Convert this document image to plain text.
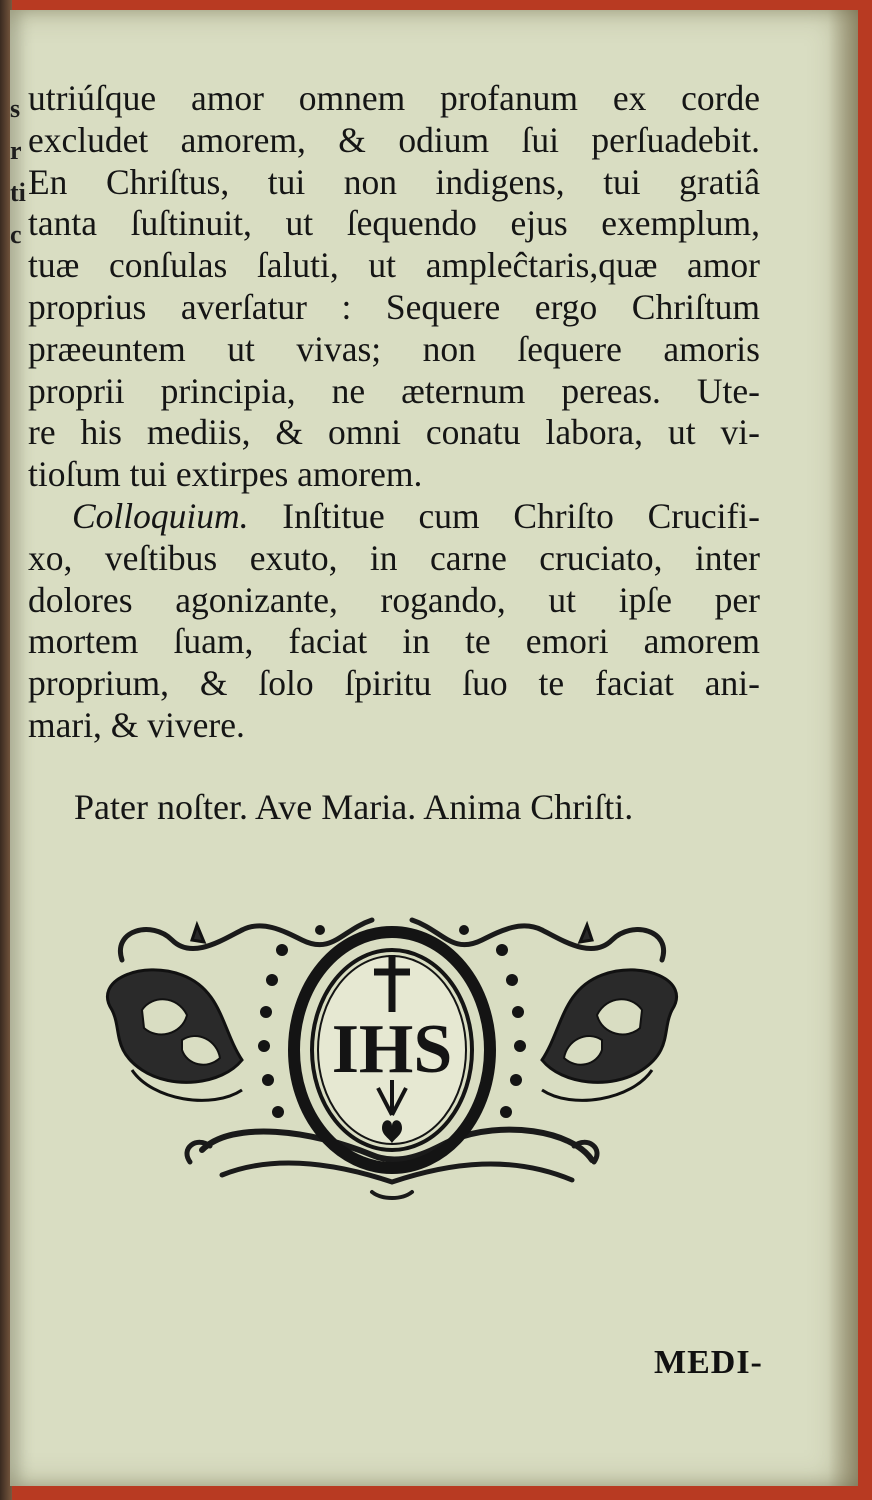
s
r
ti
c
utriúſque amor omnem profanum ex corde
excludet amorem, & odium ſui perſuadebit.
En Chriſtus, tui non indigens, tui gratiâ
tanta ſuſtinuit, ut ſequendo ejus exemplum,
tuæ conſulas ſaluti, ut ampleĉtaris,quæ amor
proprius averſatur : Sequere ergo Chriſtum
præeuntem ut vivas; non ſequere amoris
proprii principia, ne æternum pereas. Ute-
re his mediis, & omni conatu labora, ut vi-
tioſum tui extirpes amorem.
Colloquium. Inſtitue cum Chriſto Crucifi-
xo, veſtibus exuto, in carne cruciato, inter
dolores agonizante, rogando, ut ipſe per
mortem ſuam, faciat in te emori amorem
proprium, & ſolo ſpiritu ſuo te faciat ani-
mari, & vivere.
Pater noſter. Ave Maria. Anima Chriſti.
IHS
MEDI-
